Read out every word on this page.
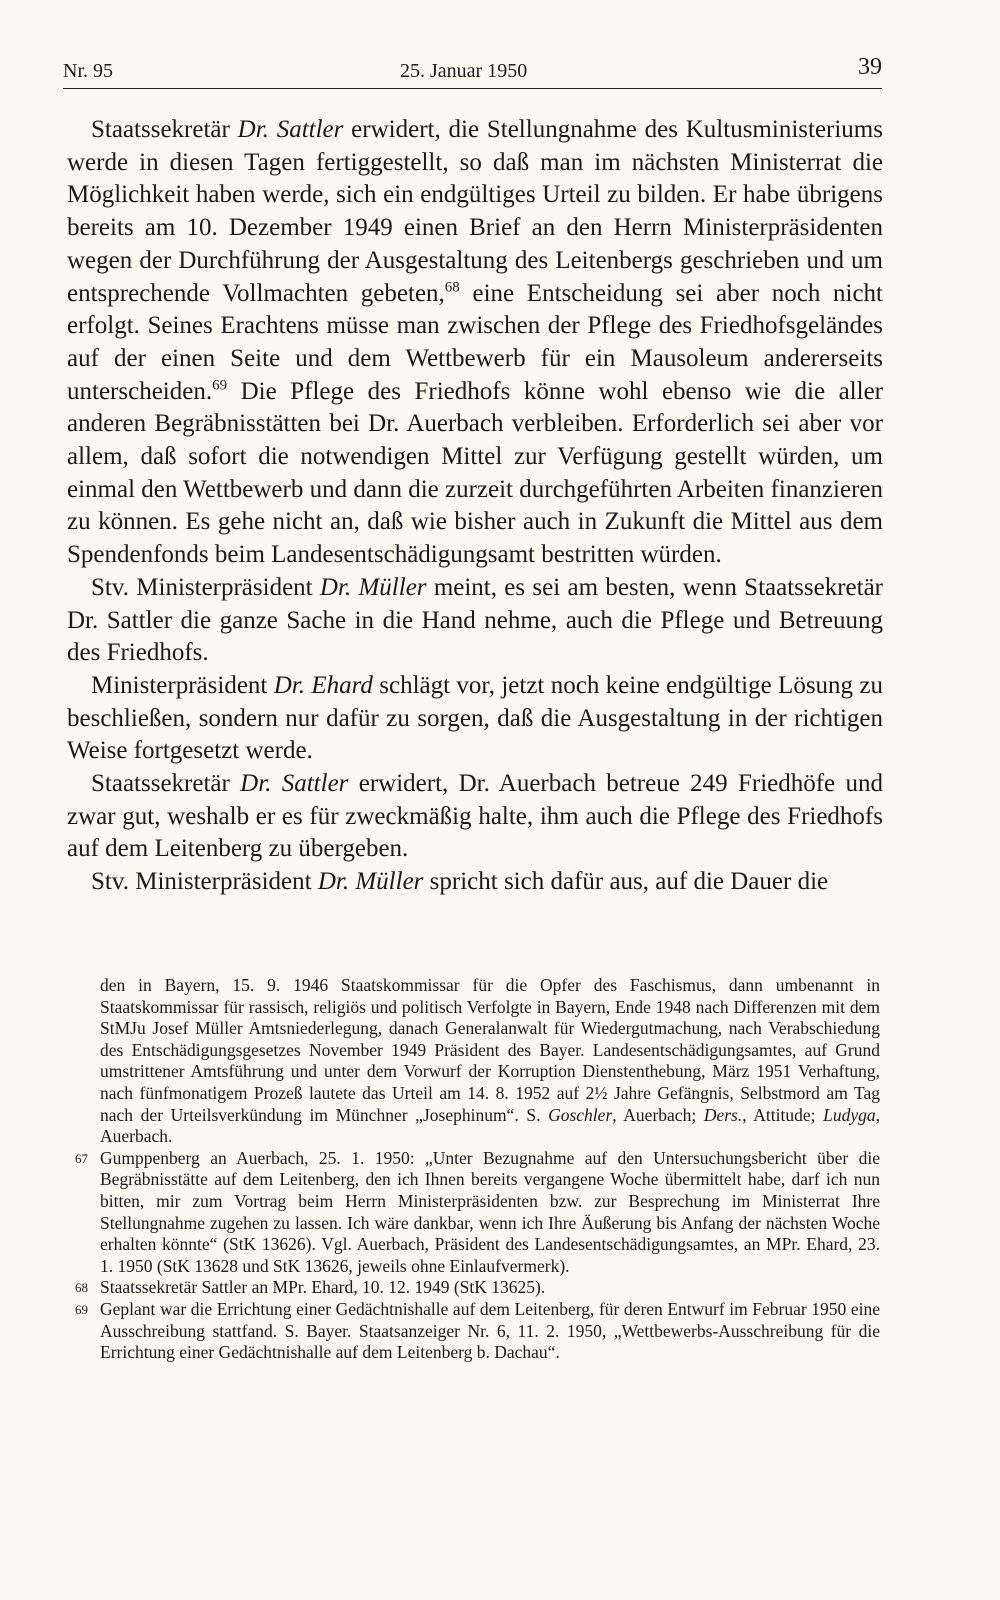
Nr. 95	25. Januar 1950	39

Staatssekretär Dr. Sattler erwidert, die Stellungnahme des Kultusministeriums werde in diesen Tagen fertiggestellt, so daß man im nächsten Ministerrat die Möglichkeit haben werde, sich ein endgültiges Urteil zu bilden. Er habe übrigens bereits am 10. Dezember 1949 einen Brief an den Herrn Ministerpräsidenten wegen der Durchführung der Ausgestaltung des Leitenbergs geschrieben und um entsprechende Vollmachten gebeten,$^{68}$ eine Entscheidung sei aber noch nicht erfolgt. Seines Erachtens müsse man zwischen der Pflege des Friedhofsgeländes auf der einen Seite und dem Wettbewerb für ein Mausoleum andererseits unterscheiden.$^{69}$ Die Pflege des Friedhofs könne wohl ebenso wie die aller anderen Begräbnisstätten bei Dr. Auerbach verbleiben. Erforderlich sei aber vor allem, daß sofort die notwendigen Mittel zur Verfügung gestellt würden, um einmal den Wettbewerb und dann die zurzeit durchgeführten Arbeiten finanzieren zu können. Es gehe nicht an, daß wie bisher auch in Zukunft die Mittel aus dem Spendenfonds beim Landesentschädigungsamt bestritten würden.

Stv. Ministerpräsident Dr. Müller meint, es sei am besten, wenn Staatssekretär Dr. Sattler die ganze Sache in die Hand nehme, auch die Pflege und Betreuung des Friedhofs.

Ministerpräsident Dr. Ehard schlägt vor, jetzt noch keine endgültige Lösung zu beschließen, sondern nur dafür zu sorgen, daß die Ausgestaltung in der richtigen Weise fortgesetzt werde.

Staatssekretär Dr. Sattler erwidert, Dr. Auerbach betreue 249 Friedhöfe und zwar gut, weshalb er es für zweckmäßig halte, ihm auch die Pflege des Friedhofs auf dem Leitenberg zu übergeben.

Stv. Ministerpräsident Dr. Müller spricht sich dafür aus, auf die Dauer die

den in Bayern, 15. 9. 1946 Staatskommissar für die Opfer des Faschismus, dann umbenannt in Staatskommissar für rassisch, religiös und politisch Verfolgte in Bayern, Ende 1948 nach Differenzen mit dem StMJu Josef Müller Amtsniederlegung, danach Generalanwalt für Wiedergutmachung, nach Verabschiedung des Entschädigungsgesetzes November 1949 Präsident des Bayer. Landesentschädigungsamtes, auf Grund umstrittener Amtsführung und unter dem Vorwurf der Korruption Dienstenthebung, März 1951 Verhaftung, nach fünfmonatigem Prozeß lautete das Urteil am 14. 8. 1952 auf 2½ Jahre Gefängnis, Selbstmord am Tag nach der Urteilsverkündung im Münchner „Josephinum“. S. Goschler, Auerbach; Ders., Attitude; Ludyga, Auerbach.

67 Gumppenberg an Auerbach, 25. 1. 1950: „Unter Bezugnahme auf den Untersuchungsbericht über die Begräbnisstätte auf dem Leitenberg, den ich Ihnen bereits vergangene Woche übermittelt habe, darf ich nun bitten, mir zum Vortrag beim Herrn Ministerpräsidenten bzw. zur Besprechung im Ministerrat Ihre Stellungnahme zugehen zu lassen. Ich wäre dankbar, wenn ich Ihre Äußerung bis Anfang der nächsten Woche erhalten könnte“ (StK 13626). Vgl. Auerbach, Präsident des Landesentschädigungsamtes, an MPr. Ehard, 23. 1. 1950 (StK 13628 und StK 13626, jeweils ohne Einlaufvermerk).

68 Staatssekretär Sattler an MPr. Ehard, 10. 12. 1949 (StK 13625).

69 Geplant war die Errichtung einer Gedächtnishalle auf dem Leitenberg, für deren Entwurf im Februar 1950 eine Ausschreibung stattfand. S. Bayer. Staatsanzeiger Nr. 6, 11. 2. 1950, „Wettbewerbs-Ausschreibung für die Errichtung einer Gedächtnishalle auf dem Leitenberg b. Dachau“.
